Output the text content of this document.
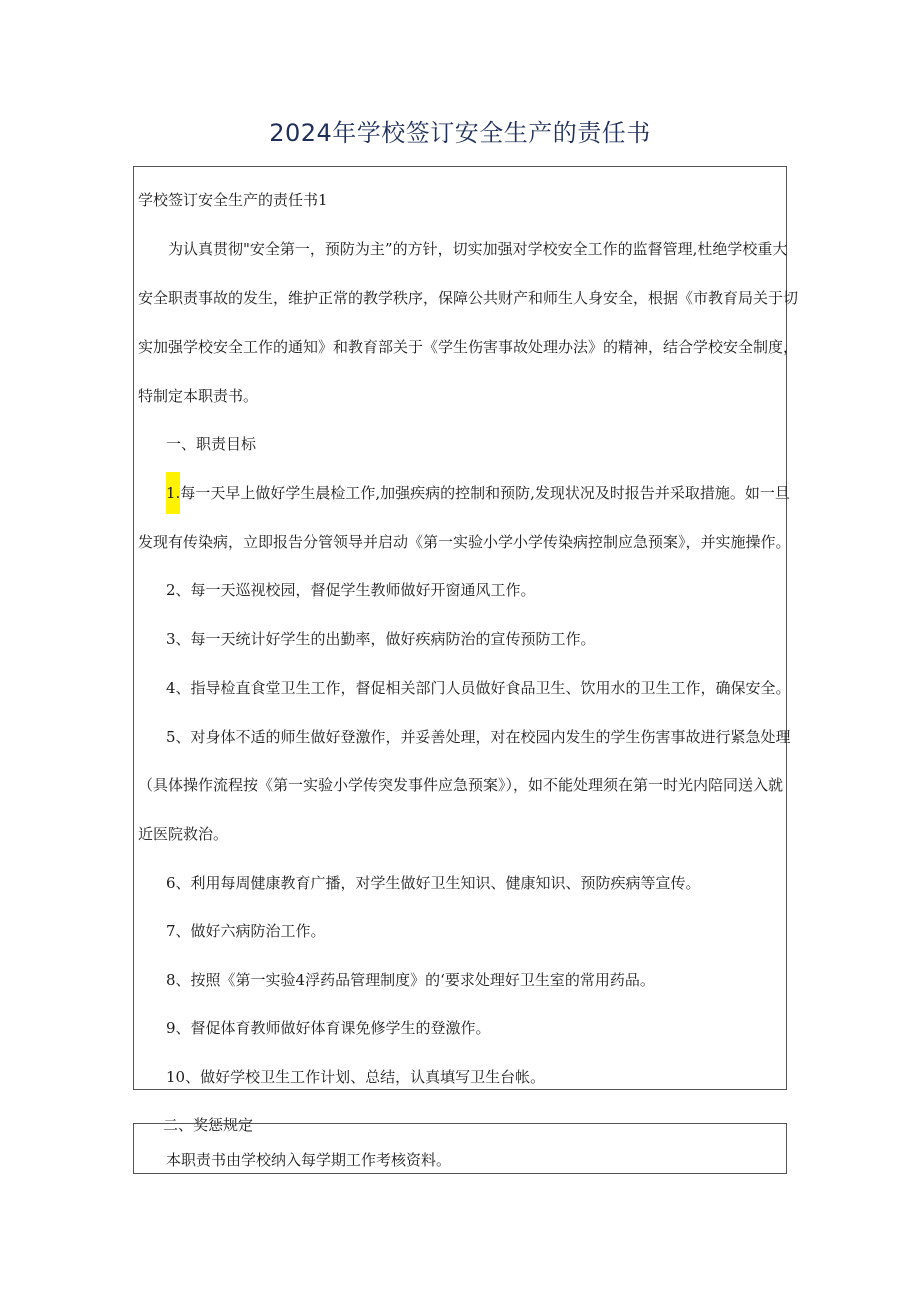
2024年学校签订安全生产的责任书

学校签订安全生产的责任书1

为认真贯彻"安全第一，预防为主”的方针，切实加强对学校安全工作的监督管理,杜绝学校重大

安全职责事故的发生，维护正常的教学秩序，保障公共财产和师生人身安全，根据《市教育局关于切

实加强学校安全工作的通知》和教育部关于《学生伤害事故处理办法》的精神，结合学校安全制度，

特制定本职责书。

一、职责目标

1.每一天早上做好学生晨检工作,加强疾病的控制和预防,发现状况及时报告并采取措施。如一旦

发现有传染病，立即报告分管领导并启动《第一实验小学小学传染病控制应急预案》，并实施操作。

2、每一天巡视校园，督促学生教师做好开窗通风工作。

3、每一天统计好学生的出勤率，做好疾病防治的宣传预防工作。

4、指导检直食堂卫生工作，督促相关部门人员做好食品卫生、饮用水的卫生工作，确保安全。

5、对身体不适的师生做好登激作，并妥善处理，对在校园内发生的学生伤害事故进行紧急处理

（具体操作流程按《第一实验小学传突发事件应急预案》），如不能处理须在第一时光内陪同送入就

近医院救治。

6、利用每周健康教育广播，对学生做好卫生知识、健康知识、预防疾病等宣传。

7、做好六病防治工作。

8、按照《第一实验4浮药品管理制度》的‘要求处理好卫生室的常用药品。

9、督促体育教师做好体育课免修学生的登激作。

10、做好学校卫生工作计划、总结，认真填写卫生台帐。

二、奖惩规定

本职责书由学校纳入每学期工作考核资料。
